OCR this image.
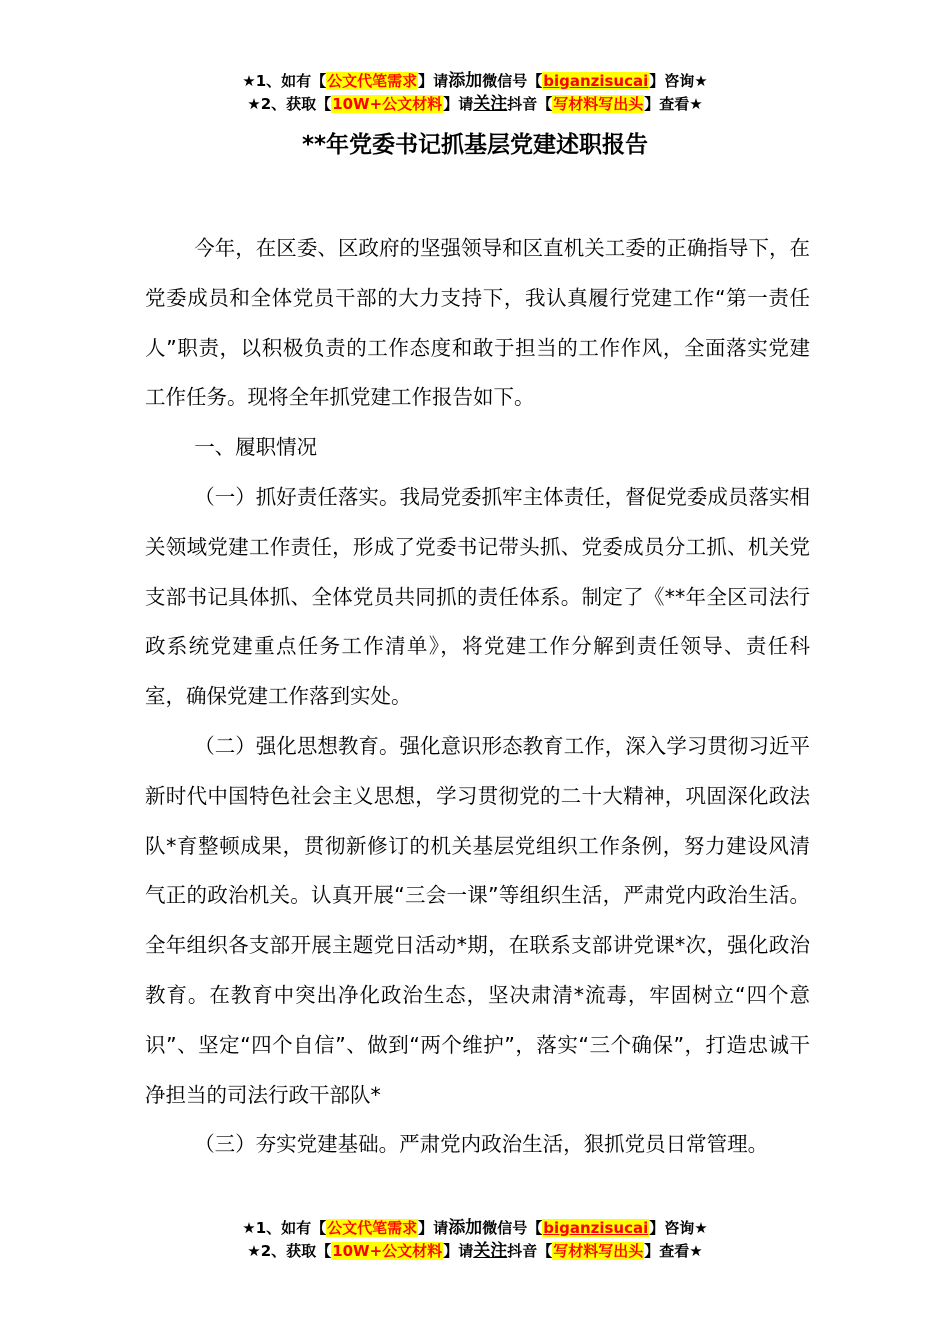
★1、如有【公文代笔需求】请添加微信号【biganzisucai】咨询★
★2、获取【10W+公文材料】请关注抖音【写材料写出头】查看★
**年党委书记抓基层党建述职报告

今年，在区委、区政府的坚强领导和区直机关工委的正确指导下，在党委成员和全体党员干部的大力支持下，我认真履行党建工作“第一责任人”职责，以积极负责的工作态度和敢于担当的工作作风，全面落实党建工作任务。现将全年抓党建工作报告如下。

一、履职情况

（一）抓好责任落实。我局党委抓牢主体责任，督促党委成员落实相关领域党建工作责任，形成了党委书记带头抓、党委成员分工抓、机关党支部书记具体抓、全体党员共同抓的责任体系。制定了《**年全区司法行政系统党建重点任务工作清单》，将党建工作分解到责任领导、责任科室，确保党建工作落到实处。

（二）强化思想教育。强化意识形态教育工作，深入学习贯彻习近平新时代中国特色社会主义思想，学习贯彻党的二十大精神，巩固深化政法队*育整顿成果，贯彻新修订的机关基层党组织工作条例，努力建设风清气正的政治机关。认真开展“三会一课”等组织生活，严肃党内政治生活。全年组织各支部开展主题党日活动*期，在联系支部讲党课*次，强化政治教育。在教育中突出净化政治生态，坚决肃清*流毒，牢固树立“四个意识”、坚定“四个自信”、做到“两个维护”，落实“三个确保”，打造忠诚干净担当的司法行政干部队*

（三）夯实党建基础。严肃党内政治生活，狠抓党员日常管理。

★1、如有【公文代笔需求】请添加微信号【biganzisucai】咨询★
★2、获取【10W+公文材料】请关注抖音【写材料写出头】查看★
